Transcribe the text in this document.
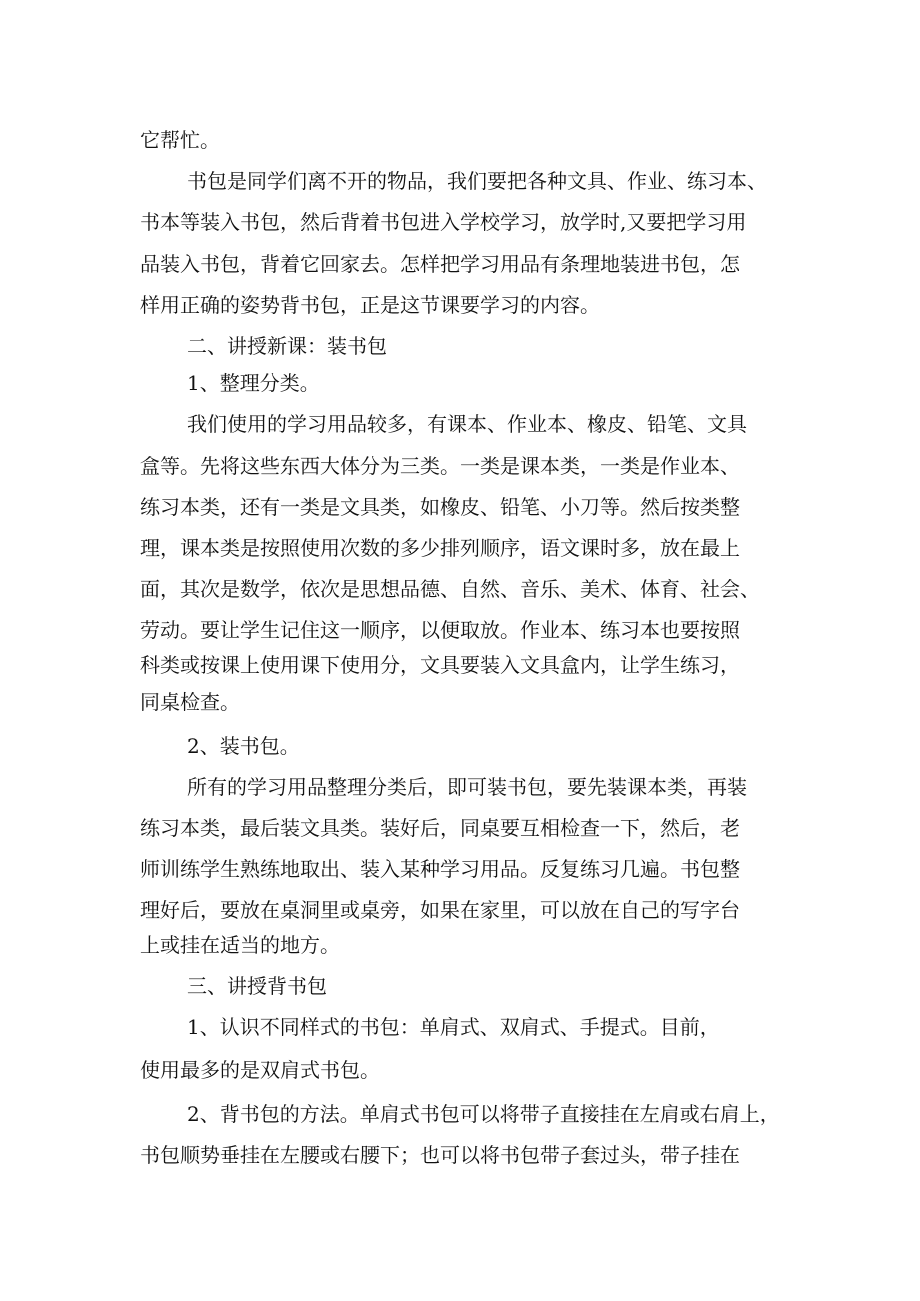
它帮忙。

书包是同学们离不开的物品，我们要把各种文具、作业、练习本、

书本等装入书包，然后背着书包进入学校学习，放学时,又要把学习用

品装入书包，背着它回家去。怎样把学习用品有条理地装进书包，怎

样用正确的姿势背书包，正是这节课要学习的内容。

二、讲授新课：装书包

1、整理分类。

我们使用的学习用品较多，有课本、作业本、橡皮、铅笔、文具

盒等。先将这些东西大体分为三类。一类是课本类，一类是作业本、

练习本类，还有一类是文具类，如橡皮、铅笔、小刀等。然后按类整

理，课本类是按照使用次数的多少排列顺序，语文课时多，放在最上

面，其次是数学，依次是思想品德、自然、音乐、美术、体育、社会、

劳动。要让学生记住这一顺序，以便取放。作业本、练习本也要按照

科类或按课上使用课下使用分，文具要装入文具盒内，让学生练习，

同桌检查。

2、装书包。

所有的学习用品整理分类后，即可装书包，要先装课本类，再装

练习本类，最后装文具类。装好后，同桌要互相检查一下，然后，老

师训练学生熟练地取出、装入某种学习用品。反复练习几遍。书包整

理好后，要放在桌洞里或桌旁，如果在家里，可以放在自己的写字台

上或挂在适当的地方。

三、讲授背书包

1、认识不同样式的书包：单肩式、双肩式、手提式。目前，

使用最多的是双肩式书包。

2、背书包的方法。单肩式书包可以将带子直接挂在左肩或右肩上，

书包顺势垂挂在左腰或右腰下；也可以将书包带子套过头，带子挂在
